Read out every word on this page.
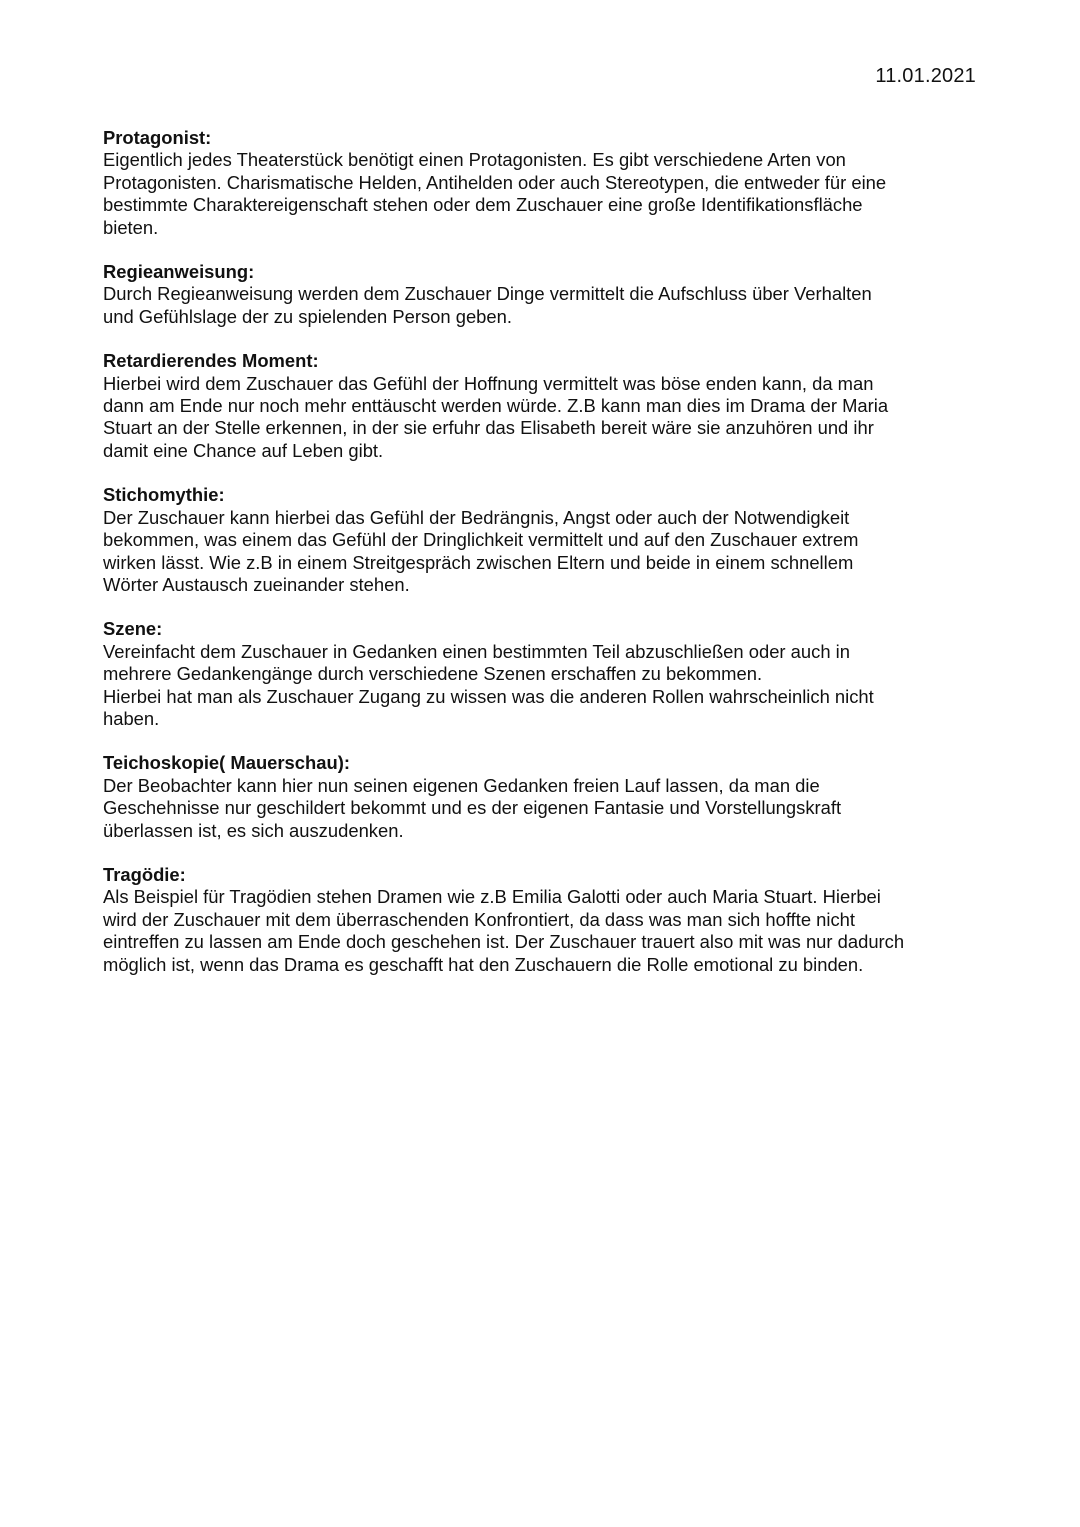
11.01.2021
Protagonist:
Eigentlich jedes Theaterstück benötigt einen Protagonisten. Es gibt verschiedene Arten von
Protagonisten. Charismatische Helden, Antihelden oder auch Stereotypen, die entweder für eine
bestimmte Charaktereigenschaft stehen oder dem Zuschauer eine große Identifikationsfläche
bieten.
Regieanweisung:
Durch Regieanweisung werden dem Zuschauer Dinge vermittelt die Aufschluss über Verhalten
und Gefühlslage der zu spielenden Person geben.
Retardierendes Moment:
Hierbei wird dem Zuschauer das Gefühl der Hoffnung vermittelt was böse enden kann, da man
dann am Ende nur noch mehr enttäuscht werden würde. Z.B kann man dies im Drama der Maria
Stuart an der Stelle erkennen, in der sie erfuhr das Elisabeth bereit wäre sie anzuhören und ihr
damit eine Chance auf Leben gibt.
Stichomythie:
Der Zuschauer kann hierbei das Gefühl der Bedrängnis, Angst oder auch der Notwendigkeit
bekommen, was einem das Gefühl der Dringlichkeit vermittelt und auf den Zuschauer extrem
wirken lässt. Wie z.B in einem Streitgespräch zwischen Eltern und beide in einem schnellem
Wörter Austausch zueinander stehen.
Szene:
Vereinfacht dem Zuschauer in Gedanken einen bestimmten Teil abzuschließen oder auch in
mehrere Gedankengänge durch verschiedene Szenen erschaffen zu bekommen.
Hierbei hat man als Zuschauer Zugang zu wissen was die anderen Rollen wahrscheinlich nicht
haben.
Teichoskopie( Mauerschau):
Der Beobachter kann hier nun seinen eigenen Gedanken freien Lauf lassen, da man die
Geschehnisse nur geschildert bekommt und es der eigenen Fantasie und Vorstellungskraft
überlassen ist, es sich auszudenken.
Tragödie:
Als Beispiel für Tragödien stehen Dramen wie z.B Emilia Galotti oder auch Maria Stuart. Hierbei
wird der Zuschauer mit dem überraschenden Konfrontiert, da dass was man sich hoffte nicht
eintreffen zu lassen am Ende doch geschehen ist. Der Zuschauer trauert also mit was nur dadurch
möglich ist, wenn das Drama es geschafft hat den Zuschauern die Rolle emotional zu binden.
